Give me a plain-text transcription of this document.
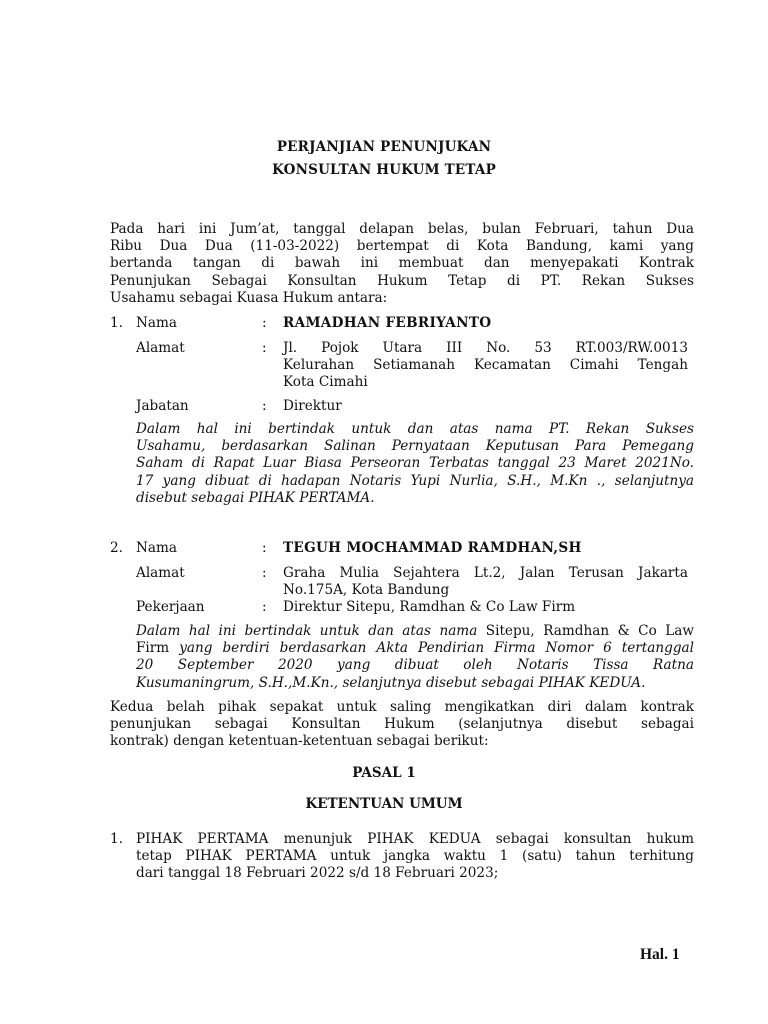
PERJANJIAN PENUNJUKAN
KONSULTAN HUKUM TETAP
Pada hari ini Jum’at, tanggal delapan belas, bulan Februari, tahun Dua
Ribu Dua Dua (11-03-2022) bertempat di Kota Bandung, kami yang
bertanda tangan di bawah ini membuat dan menyepakati Kontrak
Penunjukan Sebagai Konsultan Hukum Tetap di PT. Rekan Sukses
Usahamu sebagai Kuasa Hukum antara:
1. Nama	: RAMADHAN FEBRIYANTO
Alamat	: Jl. Pojok Utara III No. 53 RT.003/RW.0013
Kelurahan Setiamanah Kecamatan Cimahi Tengah
Kota Cimahi
Jabatan	: Direktur
Dalam hal ini bertindak untuk dan atas nama PT. Rekan Sukses
Usahamu, berdasarkan Salinan Pernyataan Keputusan Para Pemegang
Saham di Rapat Luar Biasa Perseoran Terbatas tanggal 23 Maret 2021No.
17 yang dibuat di hadapan Notaris Yupi Nurlia, S.H., M.Kn ., selanjutnya
disebut sebagai PIHAK PERTAMA.
2. Nama	: TEGUH MOCHAMMAD RAMDHAN,SH
Alamat	: Graha Mulia Sejahtera Lt.2, Jalan Terusan Jakarta
No.175A, Kota Bandung
Pekerjaan	: Direktur Sitepu, Ramdhan & Co Law Firm
Dalam hal ini bertindak untuk dan atas nama Sitepu, Ramdhan & Co Law
Firm yang berdiri berdasarkan Akta Pendirian Firma Nomor 6 tertanggal
20 September 2020 yang dibuat oleh Notaris Tissa Ratna
Kusumaningrum, S.H.,M.Kn., selanjutnya disebut sebagai PIHAK KEDUA.
Kedua belah pihak sepakat untuk saling mengikatkan diri dalam kontrak
penunjukan sebagai Konsultan Hukum (selanjutnya disebut sebagai
kontrak) dengan ketentuan-ketentuan sebagai berikut:
PASAL 1
KETENTUAN UMUM
1. PIHAK PERTAMA menunjuk PIHAK KEDUA sebagai konsultan hukum
tetap PIHAK PERTAMA untuk jangka waktu 1 (satu) tahun terhitung
dari tanggal 18 Februari 2022 s/d 18 Februari 2023;
Hal. 1
